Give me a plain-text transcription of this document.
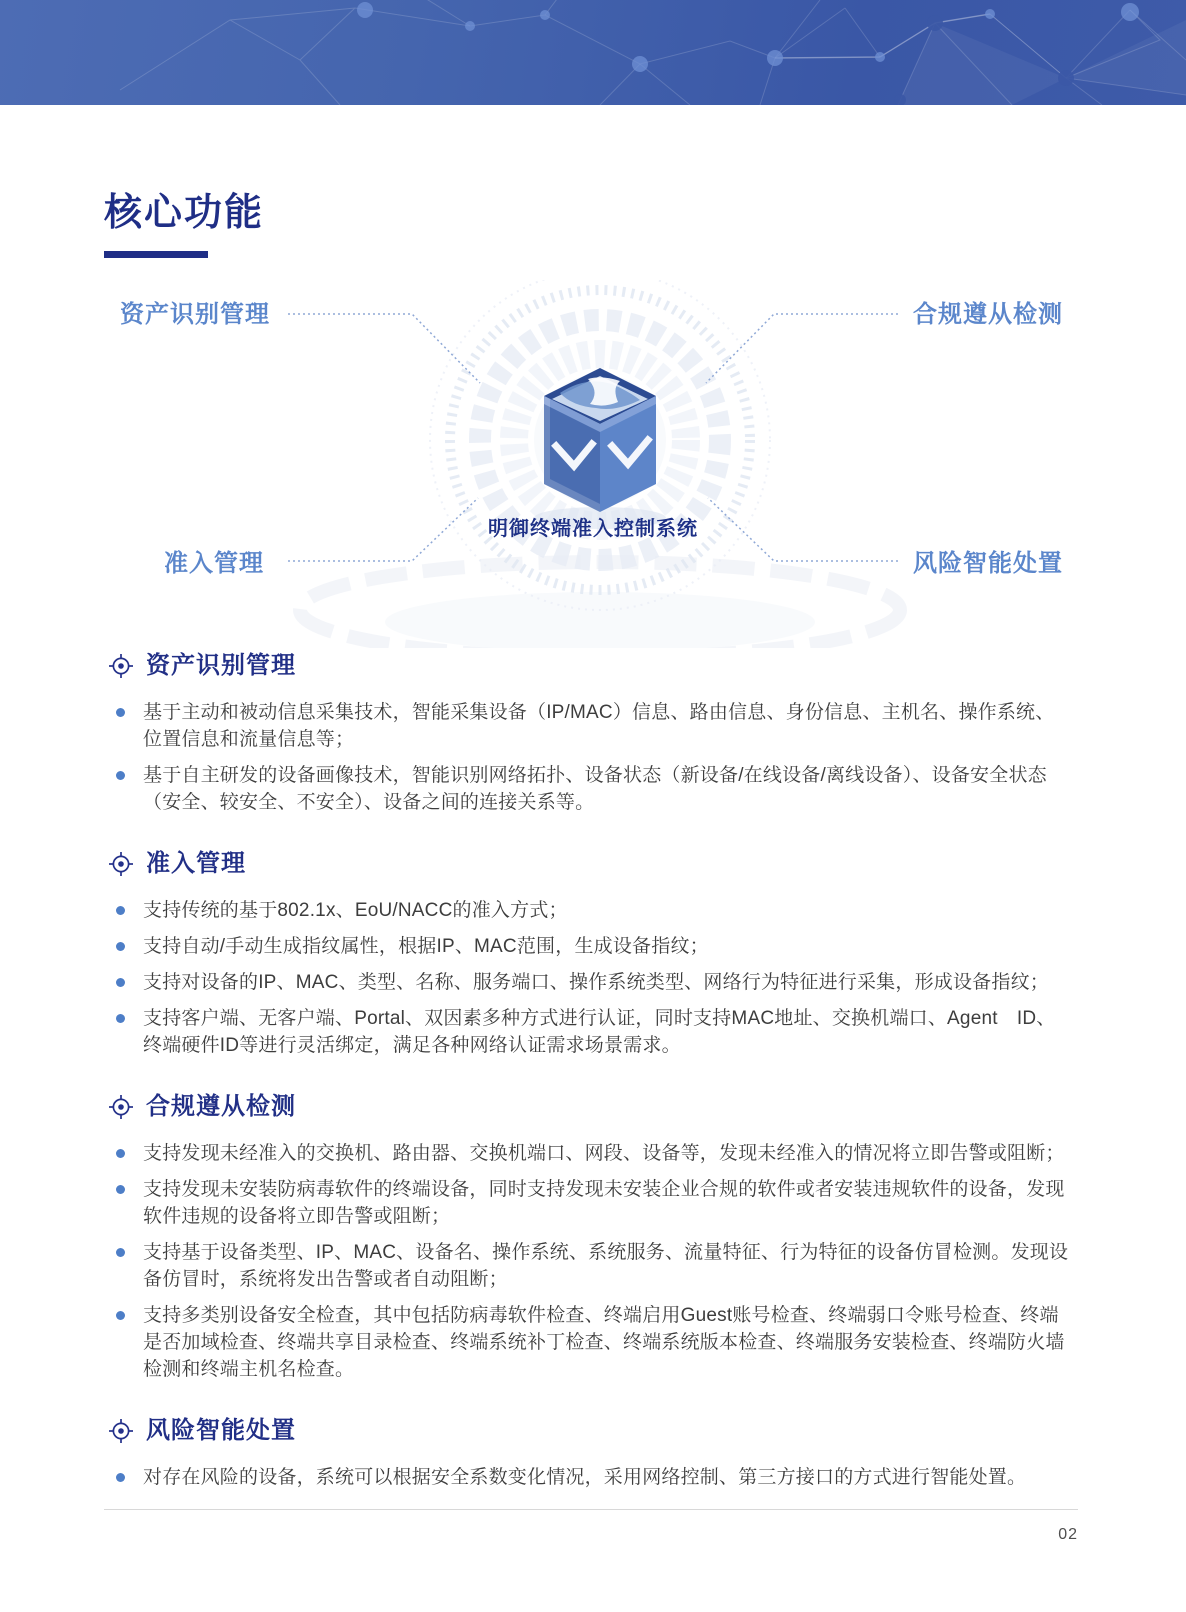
核心功能
资产识别管理	合规遵从检测
准入管理	风险智能处置
明御终端准入控制系统
资产识别管理

基于主动和被动信息采集技术，智能采集设备（IP/MAC）信息、路由信息、身份信息、主机名、操作系统、位置信息和流量信息等；

基于自主研发的设备画像技术，智能识别网络拓扑、设备状态（新设备/在线设备/离线设备）、设备安全状态（安全、较安全、不安全）、设备之间的连接关系等。

准入管理

支持传统的基于802.1x、EoU/NACC的准入方式；

支持自动/手动生成指纹属性，根据IP、MAC范围，生成设备指纹；

支持对设备的IP、MAC、类型、名称、服务端口、操作系统类型、网络行为特征进行采集，形成设备指纹；

支持客户端、无客户端、Portal、双因素多种方式进行认证，同时支持MAC地址、交换机端口、Agent　ID、终端硬件ID等进行灵活绑定，满足各种网络认证需求场景需求。

合规遵从检测

支持发现未经准入的交换机、路由器、交换机端口、网段、设备等，发现未经准入的情况将立即告警或阻断；

支持发现未安装防病毒软件的终端设备，同时支持发现未安装企业合规的软件或者安装违规软件的设备，发现软件违规的设备将立即告警或阻断；

支持基于设备类型、IP、MAC、设备名、操作系统、系统服务、流量特征、行为特征的设备仿冒检测。发现设备仿冒时，系统将发出告警或者自动阻断；

支持多类别设备安全检查，其中包括防病毒软件检查、终端启用Guest账号检查、终端弱口令账号检查、终端是否加域检查、终端共享目录检查、终端系统补丁检查、终端系统版本检查、终端服务安装检查、终端防火墙检测和终端主机名检查。

风险智能处置

对存在风险的设备，系统可以根据安全系数变化情况，采用网络控制、第三方接口的方式进行智能处置。

02
